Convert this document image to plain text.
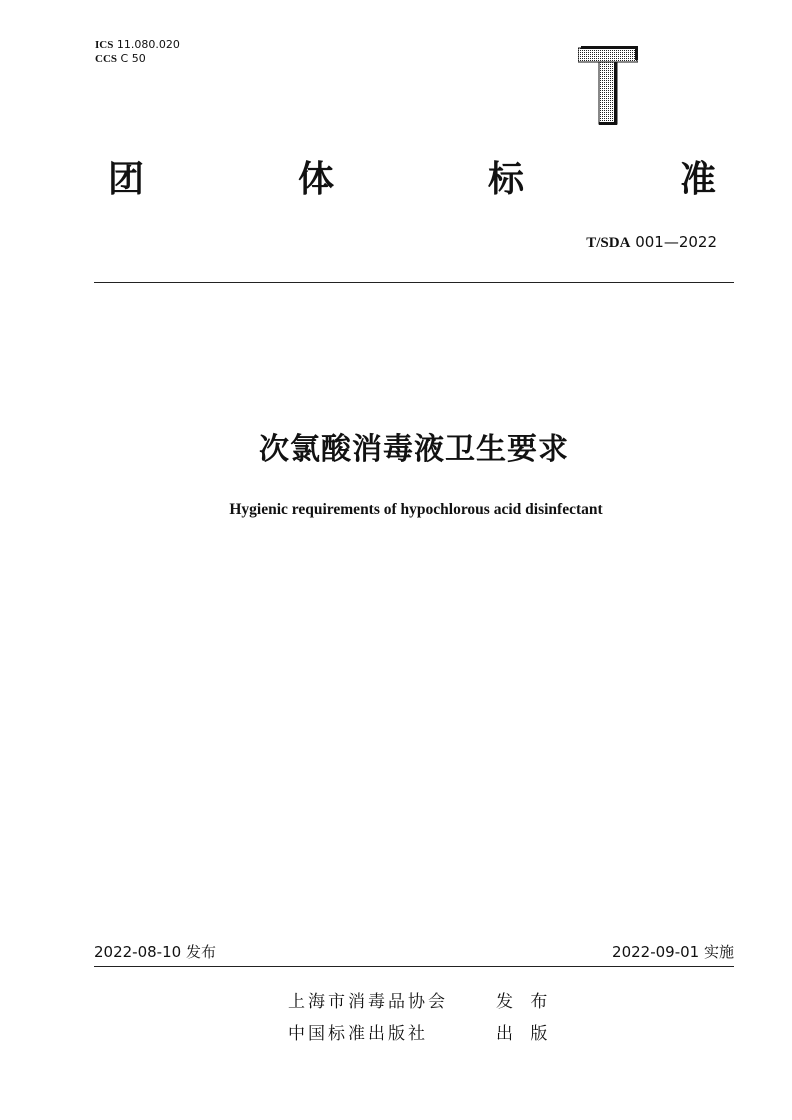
ICS 11.080.020
CCS C 50
团	体	标	准
T/SDA 001—2022
次氯酸消毒液卫生要求
Hygienic requirements of hypochlorous acid disinfectant
2022-08-10 发布	2022-09-01 实施
上海市消毒品协会	发 布
中国标准出版社	出 版
